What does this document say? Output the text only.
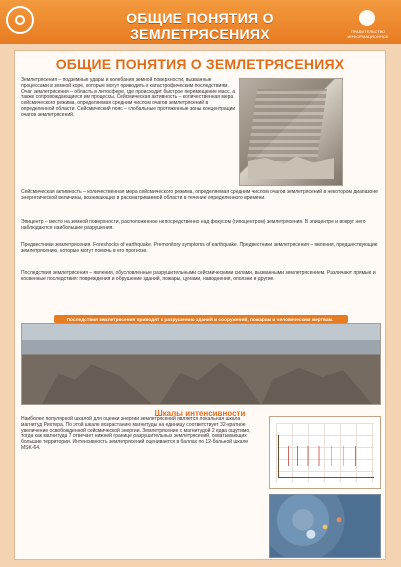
ОБЩИЕ ПОНЯТИЯ О ЗЕМЛЕТРЯСЕНИЯХ	ПРАВИТЕЛЬСТВО ИНФОРМАЦИОННОЕ
ОБЩИЕ ПОНЯТИЯ О ЗЕМЛЕТРЯСЕНИЯХ
Землетрясения – подземные удары и колебания земной поверхности, вызванные процессами в земной коре, которые могут приводить к катастрофическим последствиям. Очаг землетрясения – область в литосфере, где происходит быстрое перемещение масс, а также сопровождающиеся им процессы. Сейсмическая активность – количественная мера сейсмического режима, определяемая средним числом очагов землетрясений в определенной области. Сейсмический пояс – глобальные протяженные зоны концентрации очагов землетрясений.
Сейсмическая активность – количественная мера сейсмического режима, определяемая средним числом очагов землетрясений в некотором диапазоне энергетической величины, возникающих в рассматриваемой области в течение определенного времени.
Эпицентр – место на земной поверхности, расположенное непосредственно над фокусом (гипоцентром) землетрясения. В эпицентре и вокруг него наблюдаются наибольшие разрушения.
Предвестники землетрясения. Foreshocks of earthquake. Premonitory symptoms of earthquake. Предвестники землетрясения – явления, предшествующие землетрясению, которые могут помочь в его прогнозе.
Последствия землетрясения – явления, обусловленные разрушительными сейсмическими силами, вызванными землетрясением. Различают прямые и косвенные последствия: повреждения и обрушение зданий, пожары, цунами, наводнения, оползни и другие.
Последствия землетрясения приводят к разрушению зданий и сооружений, пожарам и человеческим жертвам.
Шкалы интенсивности
Наиболее популярной шкалой для оценки энергии землетрясений является локальная шкала магнитуд Рихтера. По этой шкале возрастанию магнитуды на единицу соответствует 32-кратное увеличение освобожденной сейсмической энергии. Землетрясение с магнитудой 2 едва ощутимо, тогда как магнитуда 7 отвечает нижней границе разрушительных землетрясений, охватывающих большие территории. Интенсивность землетрясений оценивается в баллах по 12-бальной шкале MSK-64.
